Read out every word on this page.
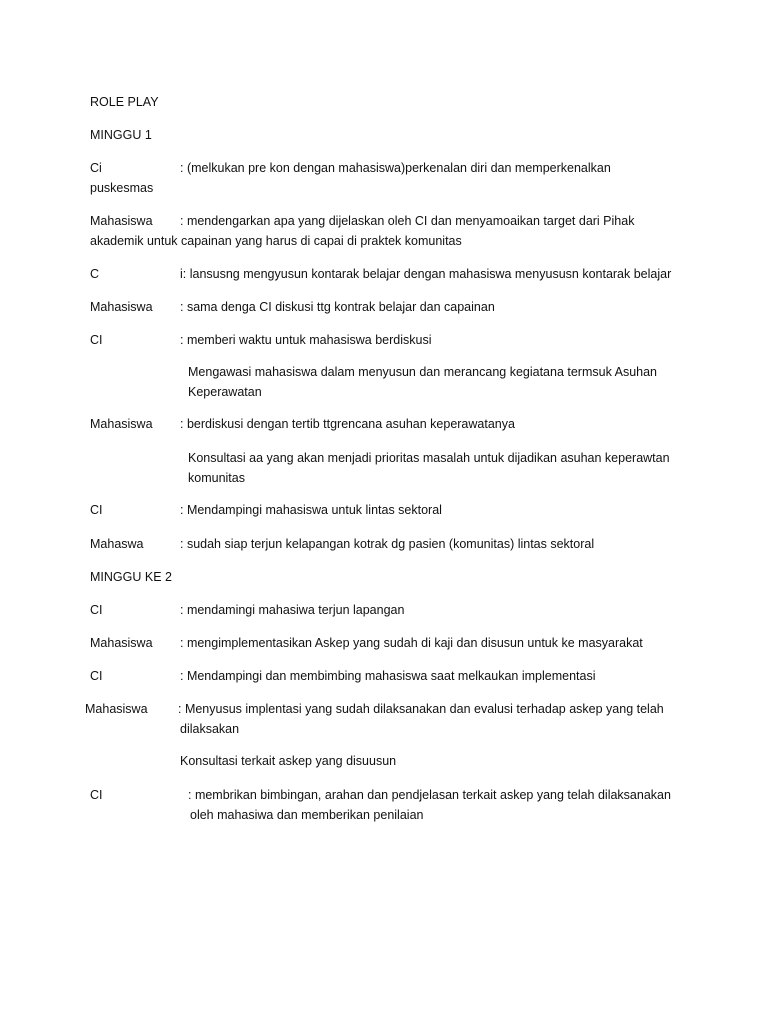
ROLE PLAY
MINGGU 1
Ci	: (melkukan pre kon dengan mahasiswa)perkenalan diri dan memperkenalkan
puskesmas
Mahasiswa : mendengarkan apa yang dijelaskan oleh CI dan menyamoaikan target dari Pihak
akademik untuk capainan yang harus di capai di praktek komunitas
C	i: lansusng mengyusun kontarak belajar dengan mahasiswa menyususn kontarak belajar
Mahasiswa : sama denga CI diskusi ttg kontrak belajar dan capainan
CI	: memberi waktu untuk mahasiswa berdiskusi
Mengawasi mahasiswa dalam menyusun dan merancang kegiatana termsuk Asuhan
Keperawatan
Mahasiswa : berdiskusi dengan tertib ttgrencana asuhan keperawatanya
Konsultasi aa yang akan menjadi prioritas masalah untuk dijadikan asuhan keperawtan
komunitas
CI	: Mendampingi mahasiswa untuk lintas sektoral
Mahaswa	: sudah siap terjun kelapangan kotrak dg pasien (komunitas) lintas sektoral
MINGGU KE 2
CI	: mendamingi mahasiwa terjun lapangan
Mahasiswa : mengimplementasikan Askep yang sudah di kaji dan disusun untuk ke masyarakat
CI	: Mendampingi dan membimbing mahasiswa saat melkaukan implementasi
Mahasiswa : Menyusus implentasi yang sudah dilaksanakan dan evalusi terhadap askep yang telah
dilaksakan
Konsultasi terkait askep yang disuusun
CI	: membrikan bimbingan, arahan dan pendjelasan terkait askep yang telah dilaksanakan
oleh mahasiwa dan memberikan penilaian
